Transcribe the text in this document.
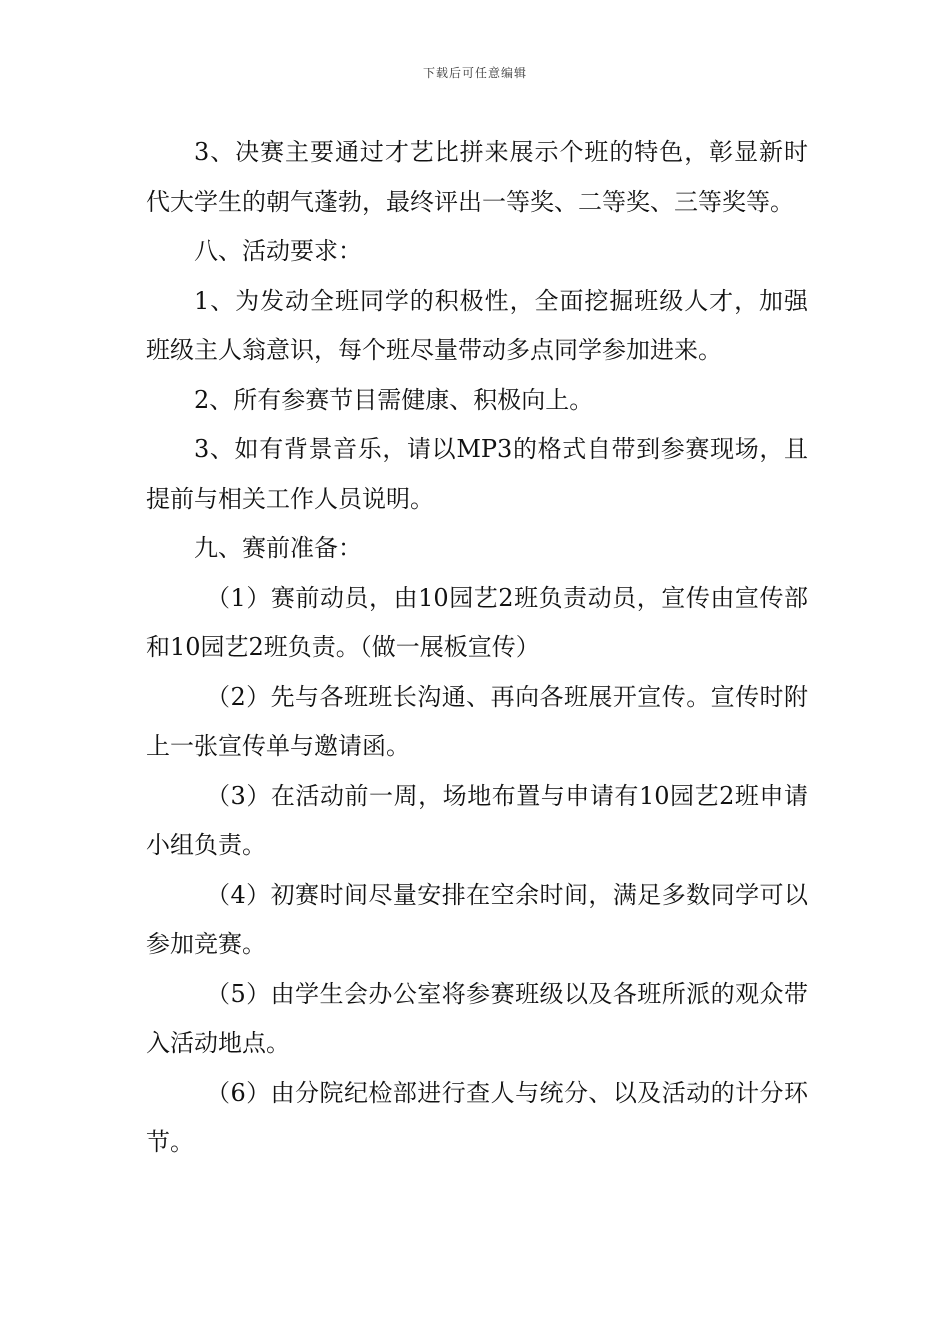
下载后可任意编辑

3、决赛主要通过才艺比拼来展示个班的特色，彰显新时代大学生的朝气蓬勃，最终评出一等奖、二等奖、三等奖等。

八、活动要求：

1、为发动全班同学的积极性，全面挖掘班级人才，加强班级主人翁意识，每个班尽量带动多点同学参加进来。

2、所有参赛节目需健康、积极向上。

3、如有背景音乐，请以MP3的格式自带到参赛现场，且提前与相关工作人员说明。

九、赛前准备：

（1）赛前动员，由10园艺2班负责动员，宣传由宣传部和10园艺2班负责。（做一展板宣传）

（2）先与各班班长沟通、再向各班展开宣传。宣传时附上一张宣传单与邀请函。

（3）在活动前一周，场地布置与申请有10园艺2班申请小组负责。

（4）初赛时间尽量安排在空余时间，满足多数同学可以参加竞赛。

（5）由学生会办公室将参赛班级以及各班所派的观众带入活动地点。

（6）由分院纪检部进行查人与统分、以及活动的计分环节。
